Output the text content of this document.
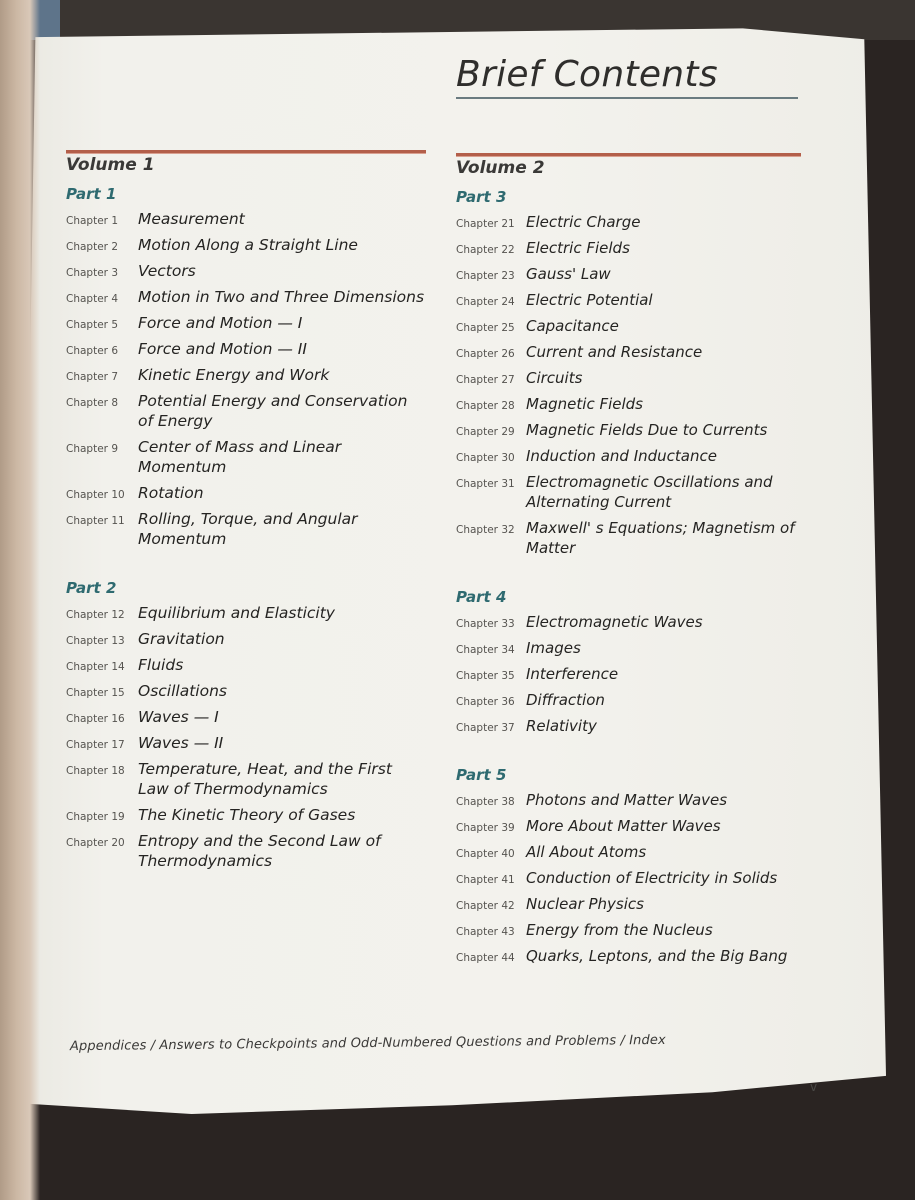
Brief Contents
Volume 1
Part 1
Chapter 1	Measurement
Chapter 2	Motion Along a Straight Line
Chapter 3	Vectors
Chapter 4	Motion in Two and Three Dimensions
Chapter 5	Force and Motion — I
Chapter 6	Force and Motion — II
Chapter 7	Kinetic Energy and Work
Chapter 8	Potential Energy and Conservation of Energy
Chapter 9	Center of Mass and Linear Momentum
Chapter 10 Rotation
Chapter 11 Rolling, Torque, and Angular Momentum
Part 2
Chapter 12 Equilibrium and Elasticity
Chapter 13 Gravitation
Chapter 14 Fluids
Chapter 15 Oscillations
Chapter 16 Waves — I
Chapter 17 Waves — II
Chapter 18 Temperature, Heat, and the First Law of Thermodynamics
Chapter 19 The Kinetic Theory of Gases
Chapter 20 Entropy and the Second Law of Thermodynamics
Volume 2
Part 3
Chapter 21 Electric Charge
Chapter 22 Electric Fields
Chapter 23 Gauss' Law
Chapter 24 Electric Potential
Chapter 25 Capacitance
Chapter 26 Current and Resistance
Chapter 27 Circuits
Chapter 28 Magnetic Fields
Chapter 29 Magnetic Fields Due to Currents
Chapter 30 Induction and Inductance
Chapter 31 Electromagnetic Oscillations and Alternating Current
Chapter 32 Maxwell' s Equations; Magnetism of Matter
Part 4
Chapter 33 Electromagnetic Waves
Chapter 34 Images
Chapter 35 Interference
Chapter 36 Diffraction
Chapter 37 Relativity
Part 5
Chapter 38 Photons and Matter Waves
Chapter 39 More About Matter Waves
Chapter 40 All About Atoms
Chapter 41 Conduction of Electricity in Solids
Chapter 42 Nuclear Physics
Chapter 43 Energy from the Nucleus
Chapter 44 Quarks, Leptons, and the Big Bang
Appendices / Answers to Checkpoints and Odd-Numbered Questions and Problems / Index
v
